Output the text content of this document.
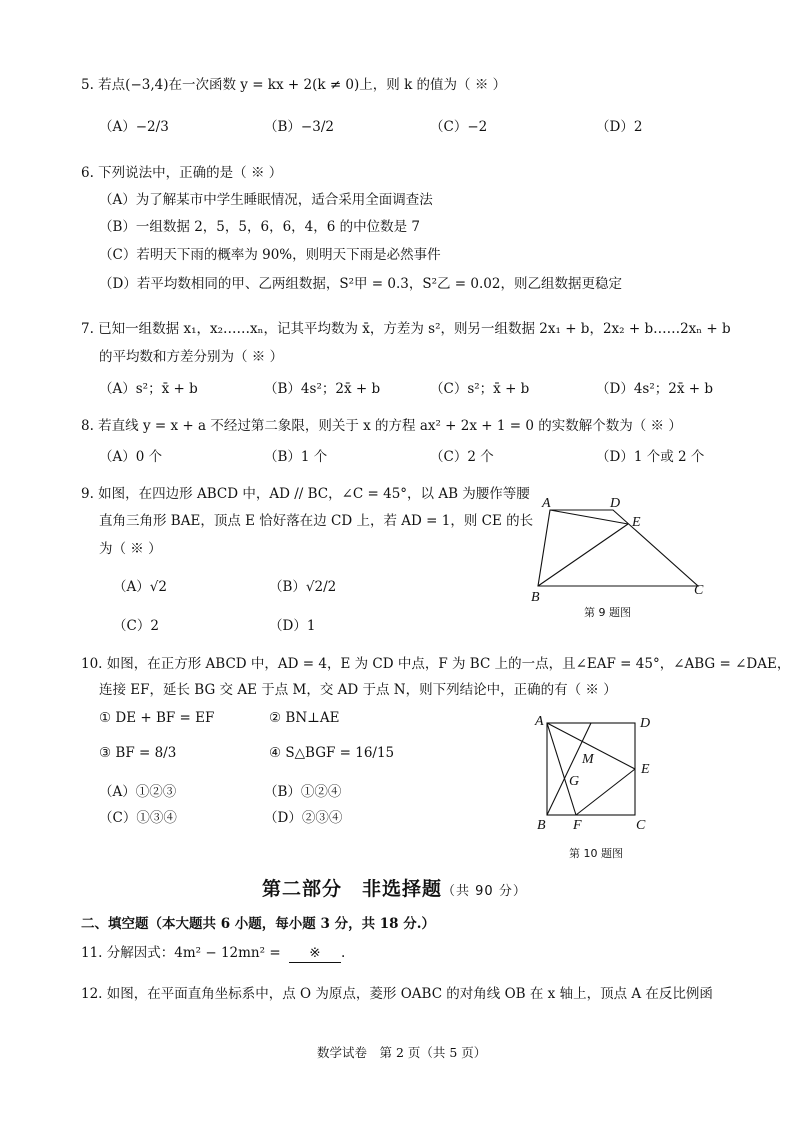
5. 若点(−3,4)在一次函数 y = kx + 2(k ≠ 0)上，则 k 的值为（ ※ ）
（A）−2/3	（B）−3/2	（C）−2	（D）2
6. 下列说法中，正确的是（ ※ ）
（A）为了解某市中学生睡眠情况，适合采用全面调查法
（B）一组数据 2，5，5，6，6，4，6 的中位数是 7
（C）若明天下雨的概率为 90%，则明天下雨是必然事件
（D）若平均数相同的甲、乙两组数据，S²甲 = 0.3，S²乙 = 0.02，则乙组数据更稳定
7. 已知一组数据 x₁，x₂……xₙ，记其平均数为 x̄，方差为 s²，则另一组数据 2x₁ + b，2x₂ + b……2xₙ + b
的平均数和方差分别为（ ※ ）
（A）s²；x̄ + b	（B）4s²；2x̄ + b	（C）s²；x̄ + b	（D）4s²；2x̄ + b
8. 若直线 y = x + a 不经过第二象限，则关于 x 的方程 ax² + 2x + 1 = 0 的实数解个数为（ ※ ）
（A）0 个	（B）1 个	（C）2 个	（D）1 个或 2 个
9. 如图，在四边形 ABCD 中，AD // BC，∠C = 45°，以 AB 为腰作等腰
直角三角形 BAE，顶点 E 恰好落在边 CD 上，若 AD = 1，则 CE 的长
为（ ※ ）
（A）√2	（B）√2/2
（C）2	（D）1
A	D
E
B	C
第 9 题图
10. 如图，在正方形 ABCD 中，AD = 4，E 为 CD 中点，F 为 BC 上的一点，且∠EAF = 45°，∠ABG = ∠DAE，
连接 EF，延长 BG 交 AE 于点 M，交 AD 于点 N，则下列结论中，正确的有（ ※ ）
① DE + BF = EF	② BN⊥AE
③ BF = 8/3	④ S△BGF = 16/15
（A）①②③	（B）①②④
（C）①③④	（D）②③④
A	D
M
G
E
B F	C
第 10 题图
第二部分　非选择题（共 90 分）
二、填空题（本大题共 6 小题，每小题 3 分，共 18 分.）
11. 分解因式：4m² − 12mn² = ※ .
12. 如图，在平面直角坐标系中，点 O 为原点，菱形 OABC 的对角线 OB 在 x 轴上，顶点 A 在反比例函
数学试卷　第 2 页（共 5 页）
